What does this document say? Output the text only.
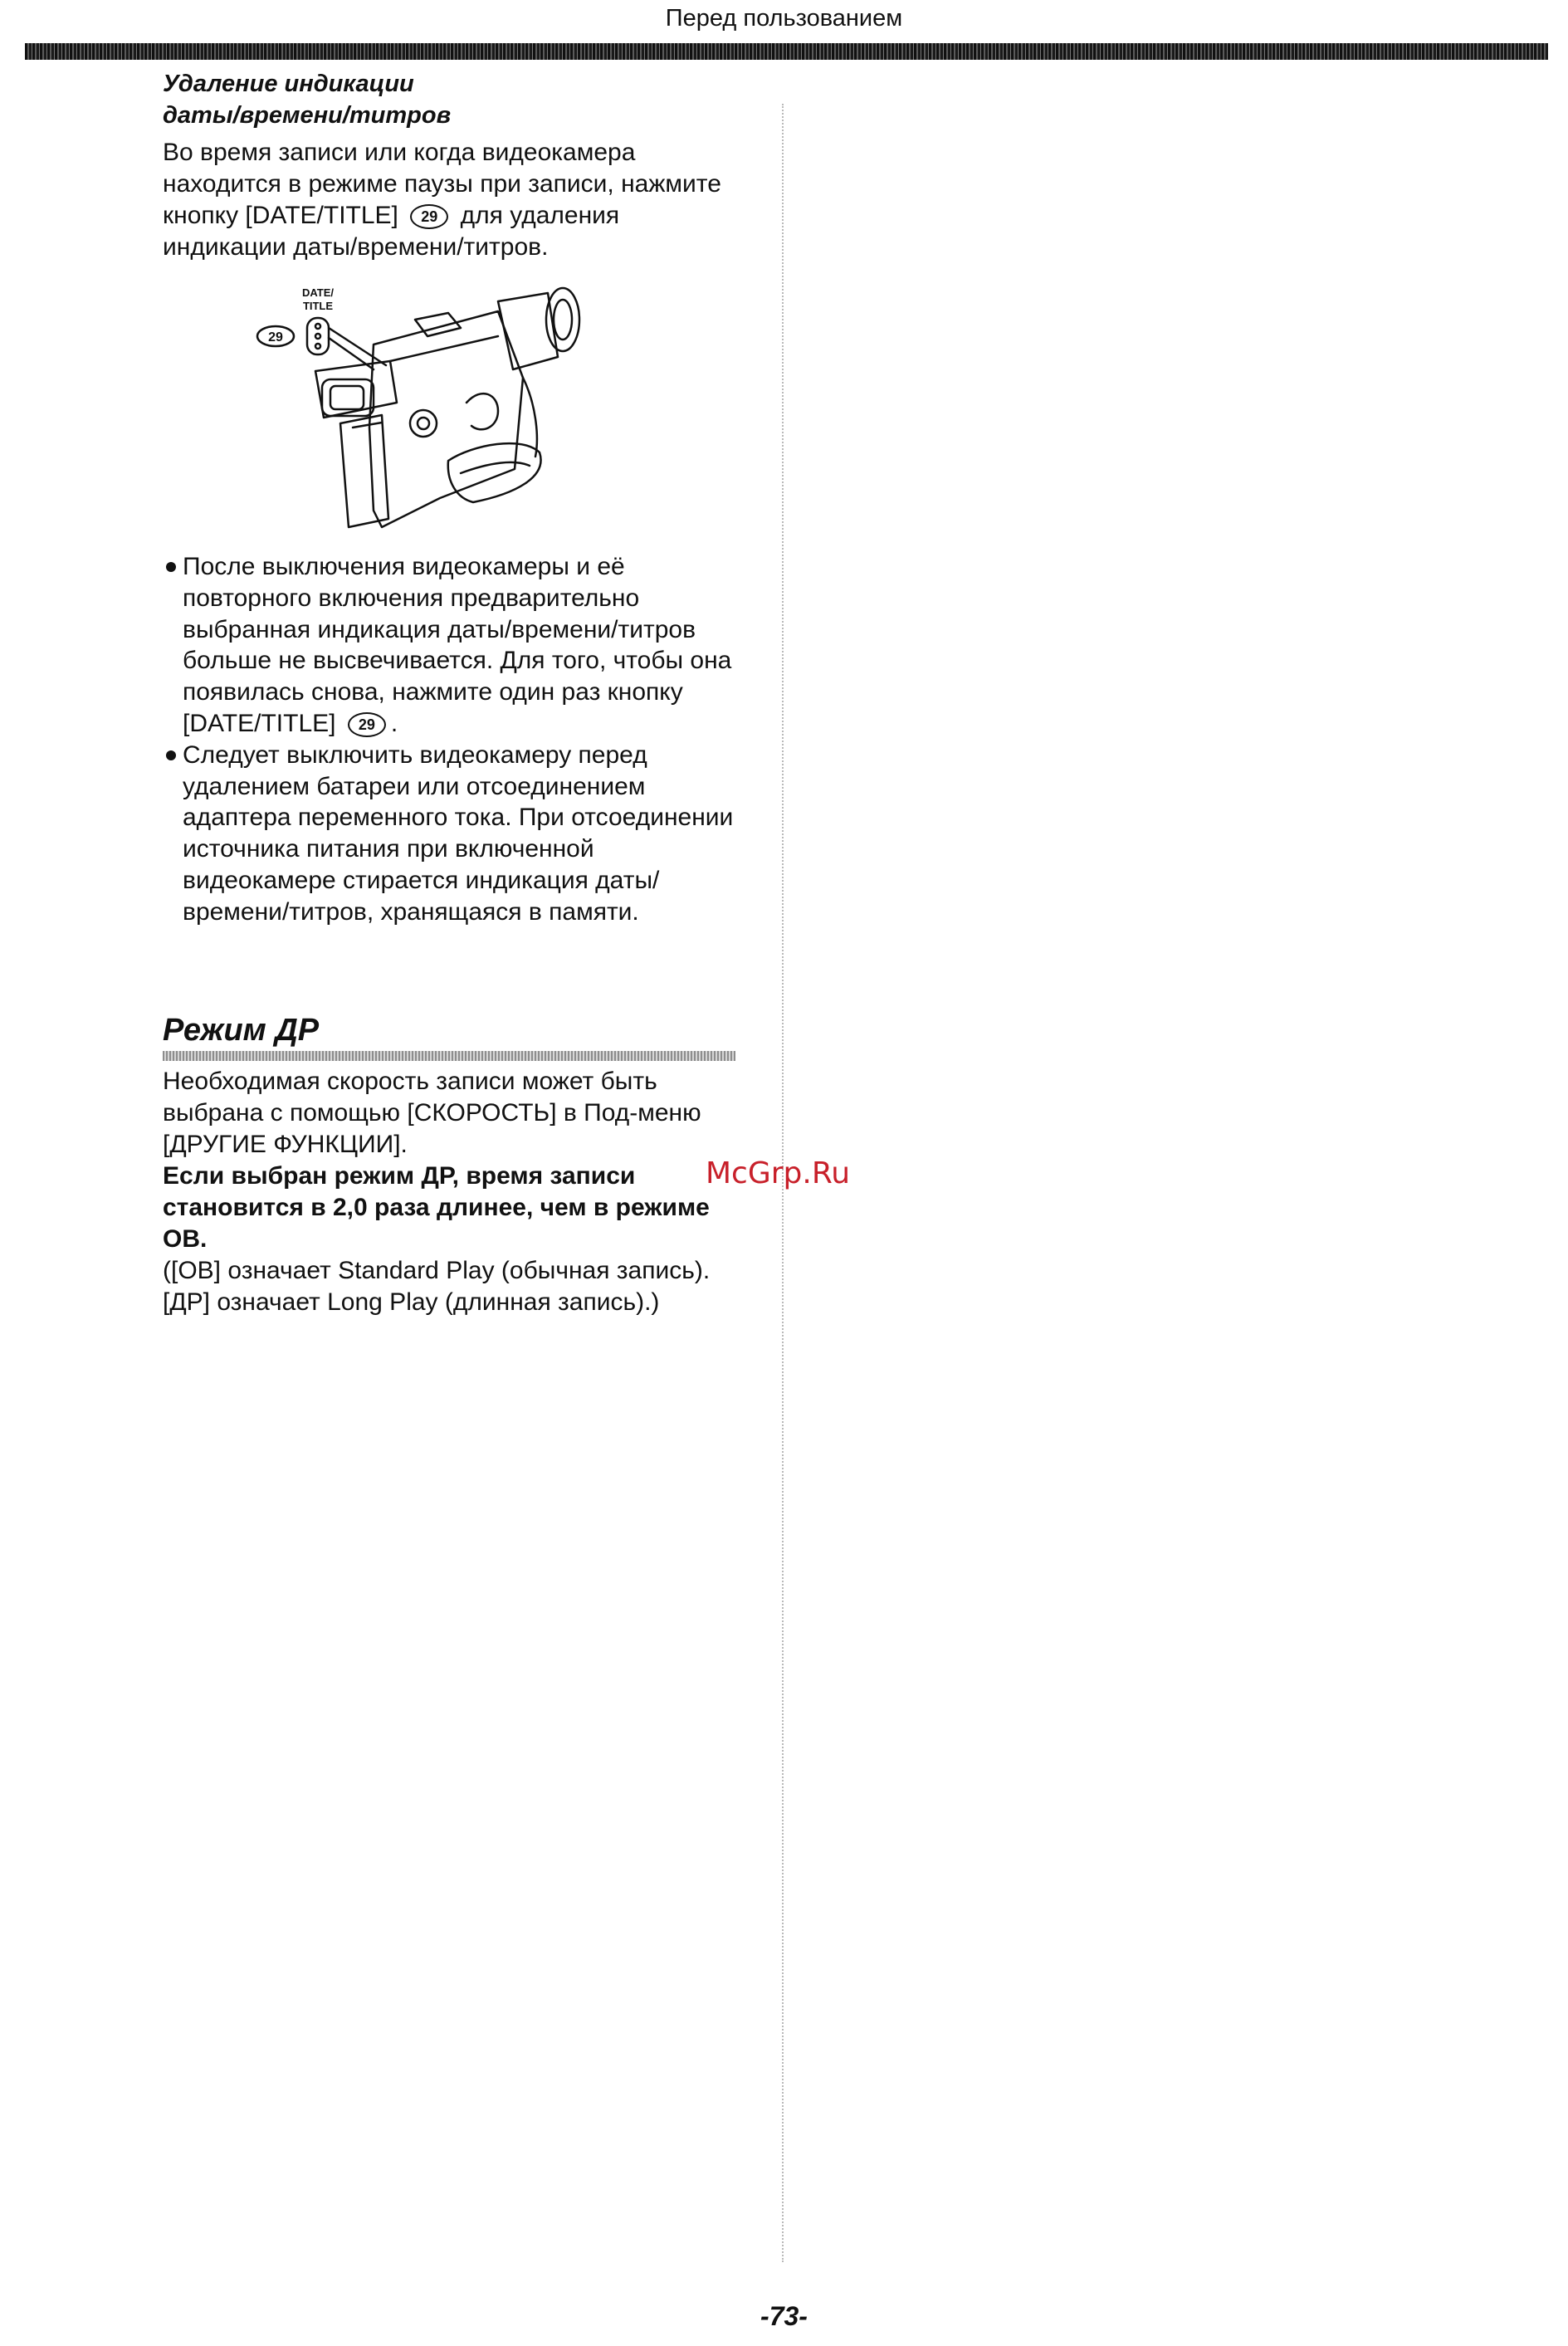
Перед пользованием
Удаление индикации
даты/времени/титров

Во время записи или когда видеокамера находится в режиме паузы при записи, нажмите кнопку [DATE/TITLE] 29 для удаления индикации даты/времени/титров.

29
DATE/
TITLE
После выключения видеокамеры и её повторного включения предварительно выбранная индикация даты/времени/титров больше не высвечивается. Для того, чтобы она появилась снова, нажмите один раз кнопку [DATE/TITLE] 29 .
Следует выключить видеокамеру перед удалением батареи или отсоединением адаптера переменного тока. При отсоединении источника питания при включенной видеокамере стирается индикация даты/времени/титров, хранящаяся в памяти.
Режим ДР

Необходимая скорость записи может быть выбрана с помощью [СКОРОСТЬ] в Под-меню [ДРУГИЕ ФУНКЦИИ].
Если выбран режим ДР, время записи становится в 2,0 раза длинее, чем в режиме ОВ.
([ОВ] означает Standard Play (обычная запись). [ДР] означает Long Play (длинная запись).)

McGrp.Ru

-73-
